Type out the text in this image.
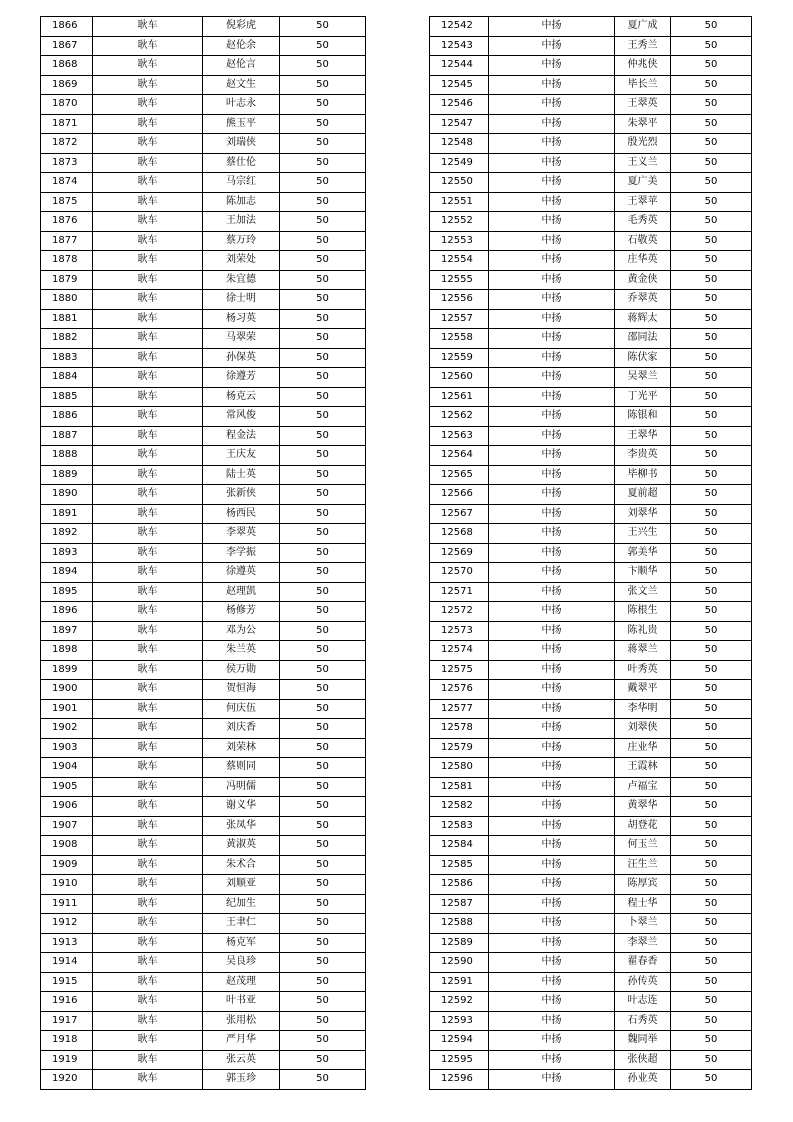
1866	耿车	倪彩虎	50
1867	耿车	赵伦余	50
1868	耿车	赵伦言	50
1869	耿车	赵文生	50
1870	耿车	叶志永	50
1871	耿车	熊玉平	50
1872	耿车	刘瑞侠	50
1873	耿车	蔡仕伦	50
1874	耿车	马宗红	50
1875	耿车	陈加志	50
1876	耿车	王加法	50
1877	耿车	蔡万玲	50
1878	耿车	刘荣处	50
1879	耿车	朱宜德	50
1880	耿车	徐士明	50
1881	耿车	杨习英	50
1882	耿车	马翠荣	50
1883	耿车	孙保英	50
1884	耿车	徐遵芳	50
1885	耿车	杨克云	50
1886	耿车	常风俊	50
1887	耿车	程金法	50
1888	耿车	王庆友	50
1889	耿车	陆士英	50
1890	耿车	张新侠	50
1891	耿车	杨西民	50
1892	耿车	李翠英	50
1893	耿车	李学振	50
1894	耿车	徐遵英	50
1895	耿车	赵理凯	50
1896	耿车	杨修芳	50
1897	耿车	邓为公	50
1898	耿车	朱兰英	50
1899	耿车	侯万勋	50
1900	耿车	贺恒海	50
1901	耿车	何庆伍	50
1902	耿车	刘庆香	50
1903	耿车	刘荣林	50
1904	耿车	蔡则同	50
1905	耿车	冯明儒	50
1906	耿车	谢义华	50
1907	耿车	张凤华	50
1908	耿车	黄淑英	50
1909	耿车	朱术合	50
1910	耿车	刘顺亚	50
1911	耿车	纪加生	50
1912	耿车	王聿仁	50
1913	耿车	杨克军	50
1914	耿车	吴良珍	50
1915	耿车	赵茂理	50
1916	耿车	叶书亚	50
1917	耿车	张用松	50
1918	耿车	严月华	50
1919	耿车	张云英	50
1920	耿车	郭玉珍	50
12542	中扬	夏广成	50
12543	中扬	王秀兰	50
12544	中扬	仲兆侠	50
12545	中扬	毕长兰	50
12546	中扬	王翠英	50
12547	中扬	朱翠平	50
12548	中扬	殷光烈	50
12549	中扬	王义兰	50
12550	中扬	夏广美	50
12551	中扬	王翠苹	50
12552	中扬	毛秀英	50
12553	中扬	石敬英	50
12554	中扬	庄华英	50
12555	中扬	黄金侠	50
12556	中扬	乔翠英	50
12557	中扬	蒋辉太	50
12558	中扬	邵同法	50
12559	中扬	陈伏家	50
12560	中扬	吴翠兰	50
12561	中扬	丁光平	50
12562	中扬	陈银和	50
12563	中扬	王翠华	50
12564	中扬	李贵英	50
12565	中扬	毕柳书	50
12566	中扬	夏前超	50
12567	中扬	刘翠华	50
12568	中扬	王兴生	50
12569	中扬	郭美华	50
12570	中扬	卞顺华	50
12571	中扬	张文兰	50
12572	中扬	陈根生	50
12573	中扬	陈礼贵	50
12574	中扬	蒋翠兰	50
12575	中扬	叶秀英	50
12576	中扬	戴翠平	50
12577	中扬	李华明	50
12578	中扬	刘翠侠	50
12579	中扬	庄业华	50
12580	中扬	王霞林	50
12581	中扬	卢福宝	50
12582	中扬	黄翠华	50
12583	中扬	胡登花	50
12584	中扬	何玉兰	50
12585	中扬	汪生兰	50
12586	中扬	陈厚宾	50
12587	中扬	程士华	50
12588	中扬	卜翠兰	50
12589	中扬	李翠兰	50
12590	中扬	翟春香	50
12591	中扬	孙传英	50
12592	中扬	叶志连	50
12593	中扬	石秀英	50
12594	中扬	魏同举	50
12595	中扬	张侠超	50
12596	中扬	孙业英	50
